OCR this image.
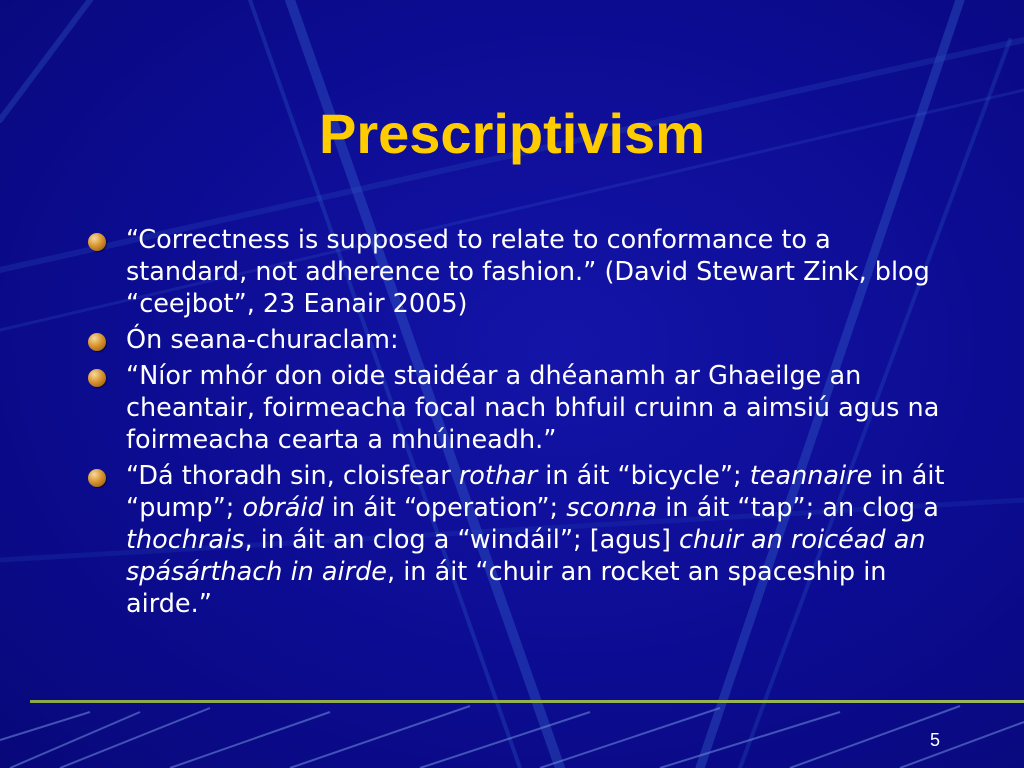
Prescriptivism
“Correctness is supposed to relate to conformance to a standard, not adherence to fashion.” (David Stewart Zink, blog “ceejbot”, 23 Eanair 2005)
Ón seana-churaclam:
“Níor mhór don oide staidéar a dhéanamh ar Ghaeilge an cheantair, foirmeacha focal nach bhfuil cruinn a aimsiú agus na foirmeacha cearta a mhúineadh.”
“Dá thoradh sin, cloisfear rothar in áit “bicycle”; teannaire in áit “pump”; obráid in áit “operation”; sconna in áit “tap”; an clog a thochrais, in áit an clog a “windáil”; [agus] chuir an roicéad an spásárthach in airde, in áit “chuir an rocket an spaceship in airde.”
5
